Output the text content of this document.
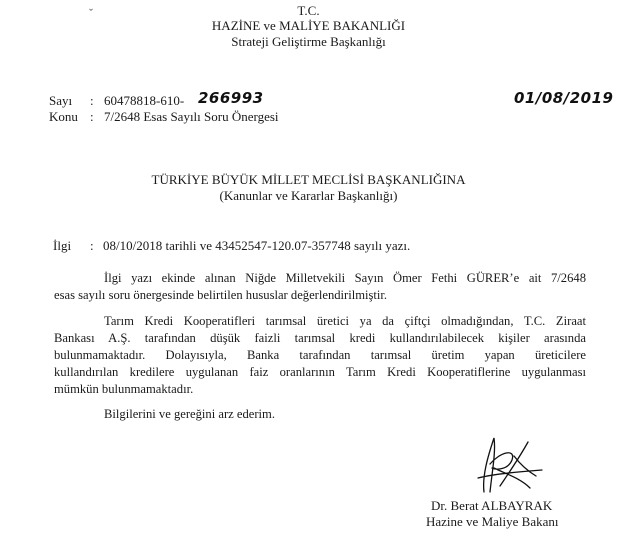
ˇ	T.C.
HAZİNE ve MALİYE BAKANLIĞI
Strateji Geliştirme Başkanlığı
Sayı : 60478818-610- 266993	01/08/2019
Konu : 7/2648 Esas Sayılı Soru Önergesi
TÜRKİYE BÜYÜK MİLLET MECLİSİ BAŞKANLIĞINA
(Kanunlar ve Kararlar Başkanlığı)
İlgi : 08/10/2018 tarihli ve 43452547-120.07-357748 sayılı yazı.
İlgi yazı ekinde alınan Niğde Milletvekili Sayın Ömer Fethi GÜRER’e ait 7/2648
esas sayılı soru önergesinde belirtilen hususlar değerlendirilmiştir.
Tarım Kredi Kooperatifleri tarımsal üretici ya da çiftçi olmadığından, T.C. Ziraat
Bankası A.Ş. tarafından düşük faizli tarımsal kredi kullandırılabilecek kişiler arasında
bulunmamaktadır. Dolayısıyla, Banka tarafından tarımsal üretim yapan üreticilere
kullandırılan kredilere uygulanan faiz oranlarının Tarım Kredi Kooperatiflerine uygulanması
mümkün bulunmamaktadır.
Bilgilerini ve gereğini arz ederim.
Dr. Berat ALBAYRAK
Hazine ve Maliye Bakanı
